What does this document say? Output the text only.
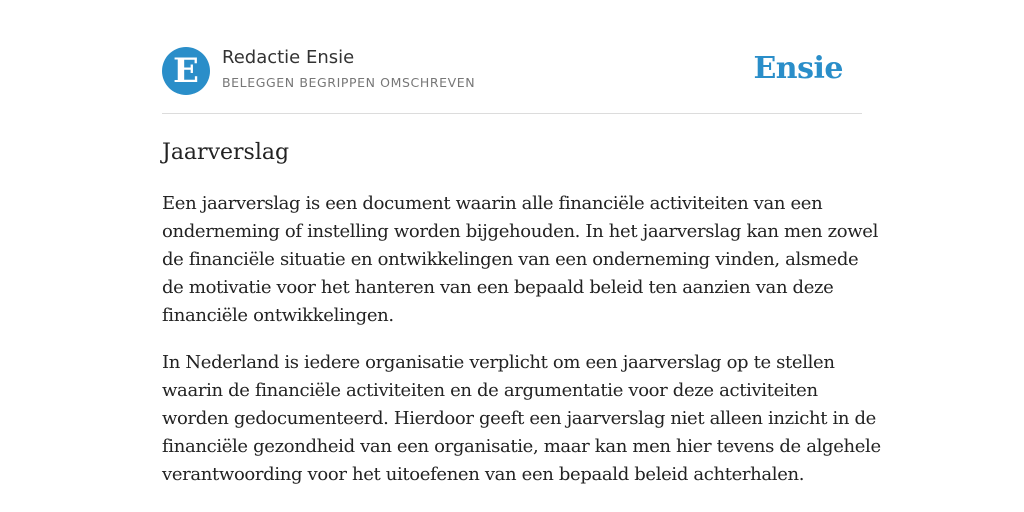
E Redactie Ensie
BELEGGEN BEGRIPPEN OMSCHREVEN	Ensie
Jaarverslag

Een jaarverslag is een document waarin alle financiële activiteiten van een
onderneming of instelling worden bijgehouden. In het jaarverslag kan men zowel
de financiële situatie en ontwikkelingen van een onderneming vinden, alsmede
de motivatie voor het hanteren van een bepaald beleid ten aanzien van deze
financiële ontwikkelingen.

In Nederland is iedere organisatie verplicht om een jaarverslag op te stellen
waarin de financiële activiteiten en de argumentatie voor deze activiteiten
worden gedocumenteerd. Hierdoor geeft een jaarverslag niet alleen inzicht in de
financiële gezondheid van een organisatie, maar kan men hier tevens de algehele
verantwoording voor het uitoefenen van een bepaald beleid achterhalen.
